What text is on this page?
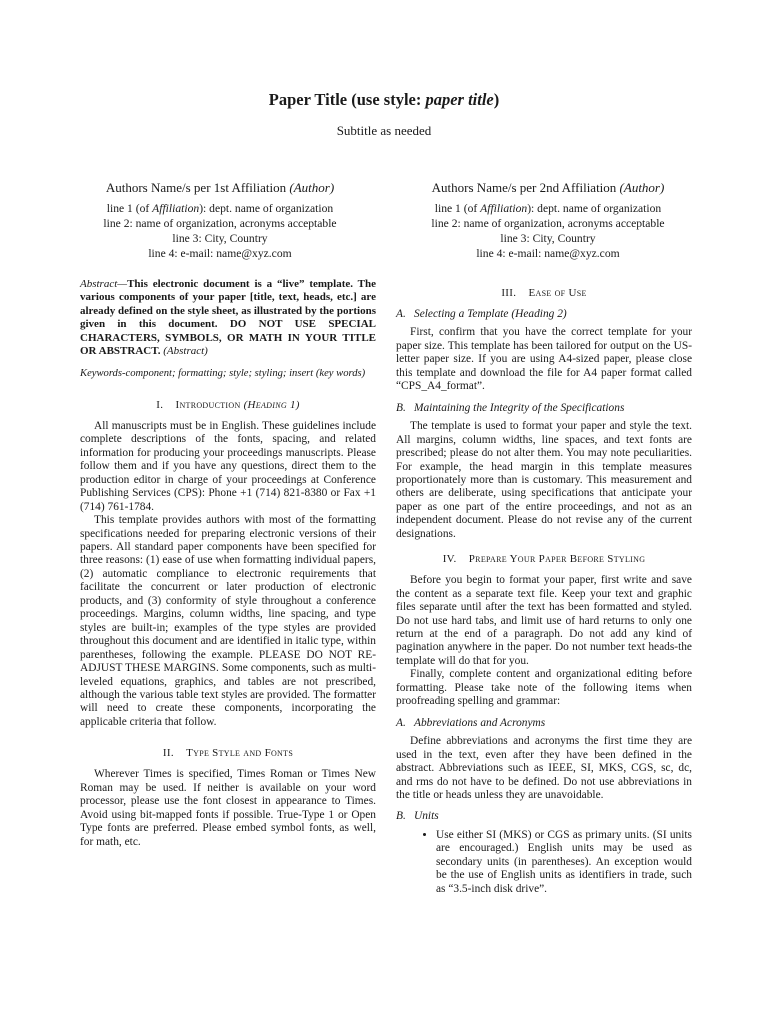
Paper Title (use style: paper title)
Subtitle as needed
Authors Name/s per 1st Affiliation (Author)
line 1 (of Affiliation): dept. name of organization
line 2: name of organization, acronyms acceptable
line 3: City, Country
line 4: e-mail: name@xyz.com
Authors Name/s per 2nd Affiliation (Author)
line 1 (of Affiliation): dept. name of organization
line 2: name of organization, acronyms acceptable
line 3: City, Country
line 4: e-mail: name@xyz.com

Abstract—This electronic document is a “live” template. The various components of your paper [title, text, heads, etc.] are already defined on the style sheet, as illustrated by the portions given in this document. DO NOT USE SPECIAL CHARACTERS, SYMBOLS, OR MATH IN YOUR TITLE OR ABSTRACT. (Abstract)

Keywords-component; formatting; style; styling; insert (key words)

I. Introduction (Heading 1)

All manuscripts must be in English. These guidelines include complete descriptions of the fonts, spacing, and related information for producing your proceedings manuscripts. Please follow them and if you have any questions, direct them to the production editor in charge of your proceedings at Conference Publishing Services (CPS): Phone +1 (714) 821-8380 or Fax +1 (714) 761-1784.

This template provides authors with most of the formatting specifications needed for preparing electronic versions of their papers. All standard paper components have been specified for three reasons: (1) ease of use when formatting individual papers, (2) automatic compliance to electronic requirements that facilitate the concurrent or later production of electronic products, and (3) conformity of style throughout a conference proceedings. Margins, column widths, line spacing, and type styles are built-in; examples of the type styles are provided throughout this document and are identified in italic type, within parentheses, following the example. PLEASE DO NOT RE-ADJUST THESE MARGINS. Some components, such as multi-leveled equations, graphics, and tables are not prescribed, although the various table text styles are provided. The formatter will need to create these components, incorporating the applicable criteria that follow.

II. Type Style and Fonts

Wherever Times is specified, Times Roman or Times New Roman may be used. If neither is available on your word processor, please use the font closest in appearance to Times. Avoid using bit-mapped fonts if possible. True-Type 1 or Open Type fonts are preferred. Please embed symbol fonts, as well, for math, etc.

III. Ease of Use
A. Selecting a Template (Heading 2)

First, confirm that you have the correct template for your paper size. This template has been tailored for output on the US-letter paper size. If you are using A4-sized paper, please close this template and download the file for A4 paper format called “CPS_A4_format”.

B. Maintaining the Integrity of the Specifications

The template is used to format your paper and style the text. All margins, column widths, line spaces, and text fonts are prescribed; please do not alter them. You may note peculiarities. For example, the head margin in this template measures proportionately more than is customary. This measurement and others are deliberate, using specifications that anticipate your paper as one part of the entire proceedings, and not as an independent document. Please do not revise any of the current designations.

IV. Prepare Your Paper Before Styling

Before you begin to format your paper, first write and save the content as a separate text file. Keep your text and graphic files separate until after the text has been formatted and styled. Do not use hard tabs, and limit use of hard returns to only one return at the end of a paragraph. Do not add any kind of pagination anywhere in the paper. Do not number text heads-the template will do that for you.

Finally, complete content and organizational editing before formatting. Please take note of the following items when proofreading spelling and grammar:

A. Abbreviations and Acronyms

Define abbreviations and acronyms the first time they are used in the text, even after they have been defined in the abstract. Abbreviations such as IEEE, SI, MKS, CGS, sc, dc, and rms do not have to be defined. Do not use abbreviations in the title or heads unless they are unavoidable.

B. Units
• Use either SI (MKS) or CGS as primary units. (SI units are encouraged.) English units may be used as secondary units (in parentheses). An exception would be the use of English units as identifiers in trade, such as “3.5-inch disk drive”.
